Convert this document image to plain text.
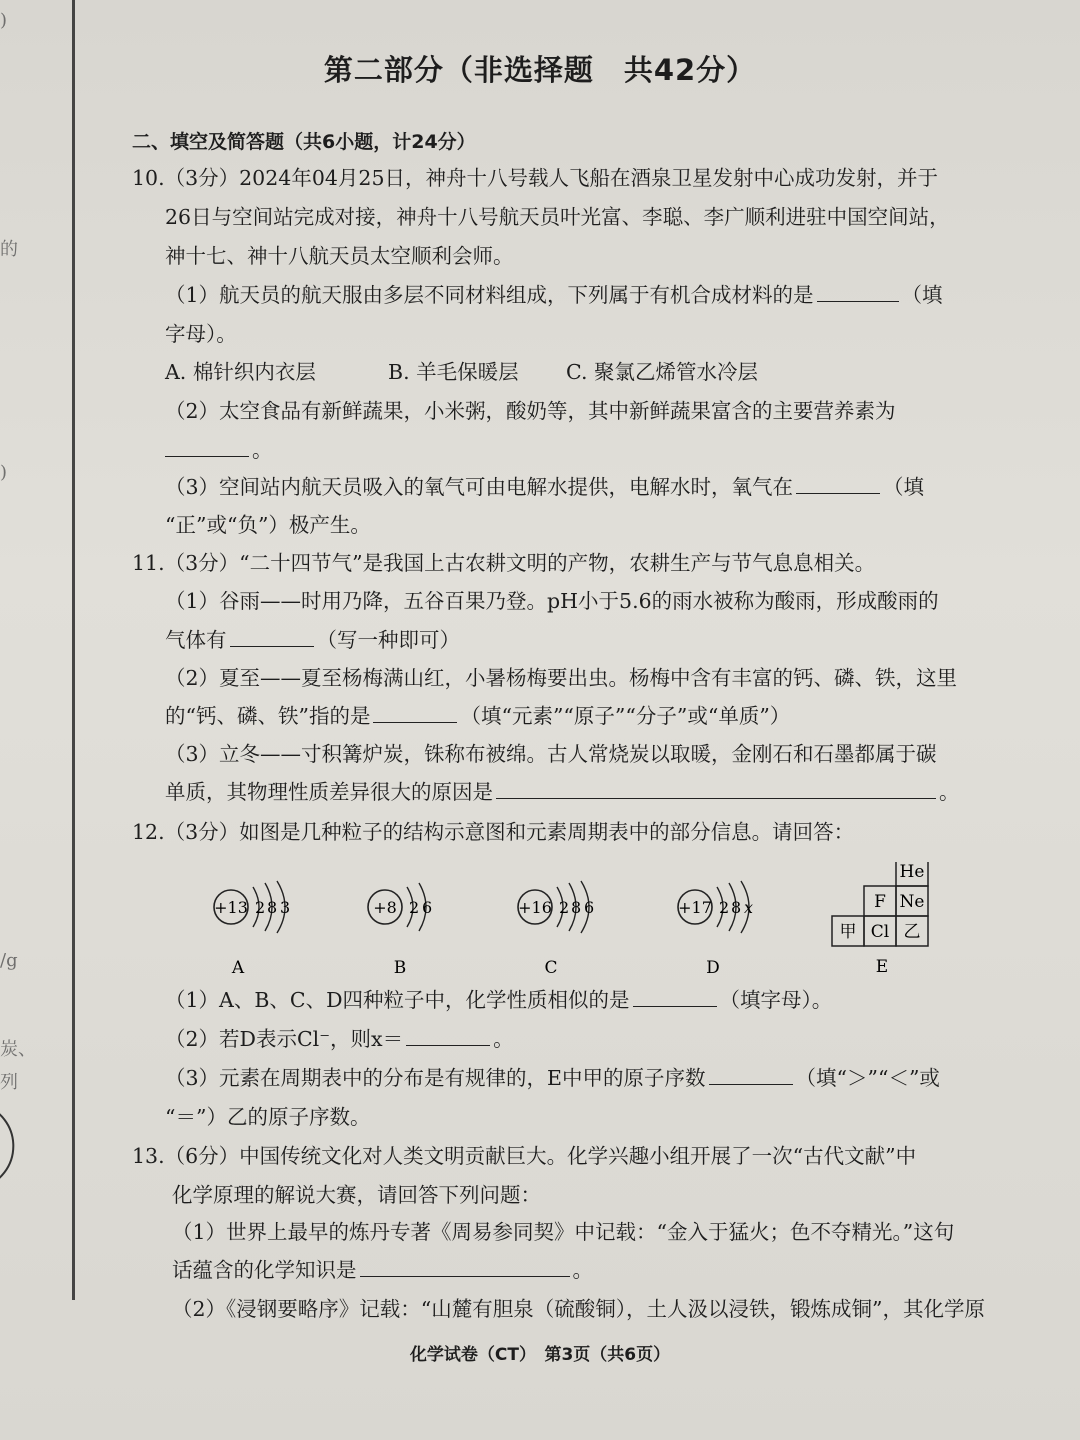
)
的
)
/g
炭、
列
第二部分（非选择题　共42分）
二、填空及简答题（共6小题，计24分）
10.（3分）2024年04月25日，神舟十八号载人飞船在酒泉卫星发射中心成功发射，并于
26日与空间站完成对接，神舟十八号航天员叶光富、李聪、李广顺利进驻中国空间站，
神十七、神十八航天员太空顺利会师。
（1）航天员的航天服由多层不同材料组成，下列属于有机合成材料的是	（填
字母）。
A. 棉针织内衣层	B. 羊毛保暖层 C. 聚氯乙烯管水冷层
（2）太空食品有新鲜蔬果，小米粥，酸奶等，其中新鲜蔬果富含的主要营养素为
。
（3）空间站内航天员吸入的氧气可由电解水提供，电解水时，氧气在	（填
“正”或“负”）极产生。
11.（3分）“二十四节气”是我国上古农耕文明的产物，农耕生产与节气息息相关。
（1）谷雨——时用乃降，五谷百果乃登。pH小于5.6的雨水被称为酸雨，形成酸雨的
气体有	（写一种即可）
（2）夏至——夏至杨梅满山红，小暑杨梅要出虫。杨梅中含有丰富的钙、磷、铁，这里
的“钙、磷、铁”指的是	（填“元素”“原子”“分子”或“单质”）
（3）立冬——寸积篝炉炭，铢称布被绵。古人常烧炭以取暖，金刚石和石墨都属于碳
单质，其物理性质差异很大的原因是	。
12.（3分）如图是几种粒子的结构示意图和元素周期表中的部分信息。请回答：
+13 2 8 3
A
+8 2 6
B
+16 2 8 6
C
+17 2 8 x
D
He
F Ne
甲 Cl 乙
E
（1）A、B、C、D四种粒子中，化学性质相似的是	（填字母）。
（2）若D表示Cl⁻，则x＝	。
（3）元素在周期表中的分布是有规律的，E中甲的原子序数	（填“＞”“＜”或
“＝”）乙的原子序数。
13.（6分）中国传统文化对人类文明贡献巨大。化学兴趣小组开展了一次“古代文献”中
化学原理的解说大赛，请回答下列问题：
（1）世界上最早的炼丹专著《周易参同契》中记载：“金入于猛火；色不夺精光。”这句
话蕴含的化学知识是	。
（2）《浸钢要略序》记载：“山麓有胆泉（硫酸铜），土人汲以浸铁，锻炼成铜”，其化学原
化学试卷（CT）　第3页（共6页）
